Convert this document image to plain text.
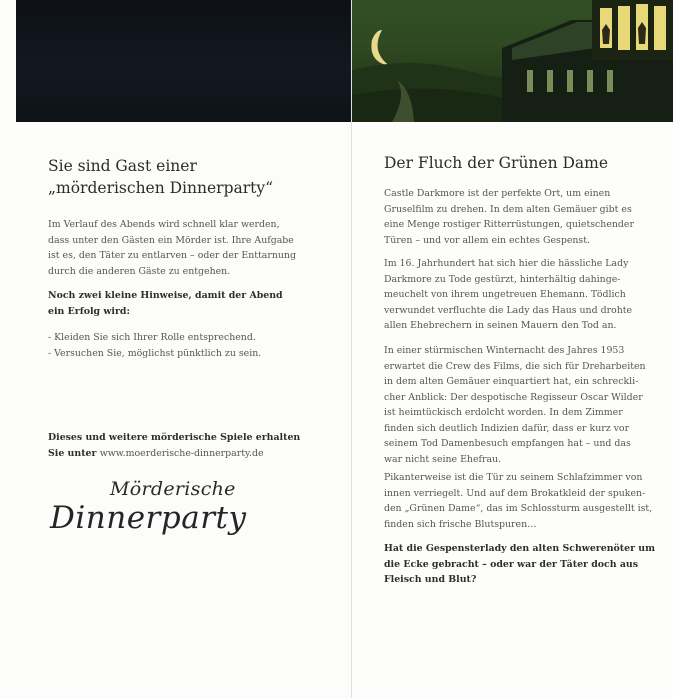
Sie sind Gast einer
„mörderischen Dinnerparty“
Im Verlauf des Abends wird schnell klar werden,
dass unter den Gästen ein Mörder ist. Ihre Aufgabe
ist es, den Täter zu entlarven – oder der Enttarnung
durch die anderen Gäste zu entgehen.
Noch zwei kleine Hinweise, damit der Abend
ein Erfolg wird:
- Kleiden Sie sich Ihrer Rolle entsprechend.
- Versuchen Sie, möglichst pünktlich zu sein.
Dieses und weitere mörderische Spiele erhalten
Sie unter www.moerderische-dinnerparty.de
Mörderische
Dinnerparty
Der Fluch der Grünen Dame
Castle Darkmore ist der perfekte Ort, um einen
Gruselfilm zu drehen. In dem alten Gemäuer gibt es
eine Menge rostiger Ritterrüstungen, quietschender
Türen – und vor allem ein echtes Gespenst.
Im 16. Jahrhundert hat sich hier die hässliche Lady
Darkmore zu Tode gestürzt, hinterhältig dahinge-
meuchelt von ihrem ungetreuen Ehemann. Tödlich
verwundet verfluchte die Lady das Haus und drohte
allen Ehebrechern in seinen Mauern den Tod an.
In einer stürmischen Winternacht des Jahres 1953
erwartet die Crew des Films, die sich für Dreharbeiten
in dem alten Gemäuer einquartiert hat, ein schreckli-
cher Anblick: Der despotische Regisseur Oscar Wilder
ist heimtückisch erdolcht worden. In dem Zimmer
finden sich deutlich Indizien dafür, dass er kurz vor
seinem Tod Damenbesuch empfangen hat – und das
war nicht seine Ehefrau.
Pikanterweise ist die Tür zu seinem Schlafzimmer von
innen verriegelt. Und auf dem Brokatkleid der spuken-
den „Grünen Dame“, das im Schlossturm ausgestellt ist,
finden sich frische Blutspuren…
Hat die Gespensterlady den alten Schwerenöter um
die Ecke gebracht – oder war der Täter doch aus
Fleisch und Blut?
